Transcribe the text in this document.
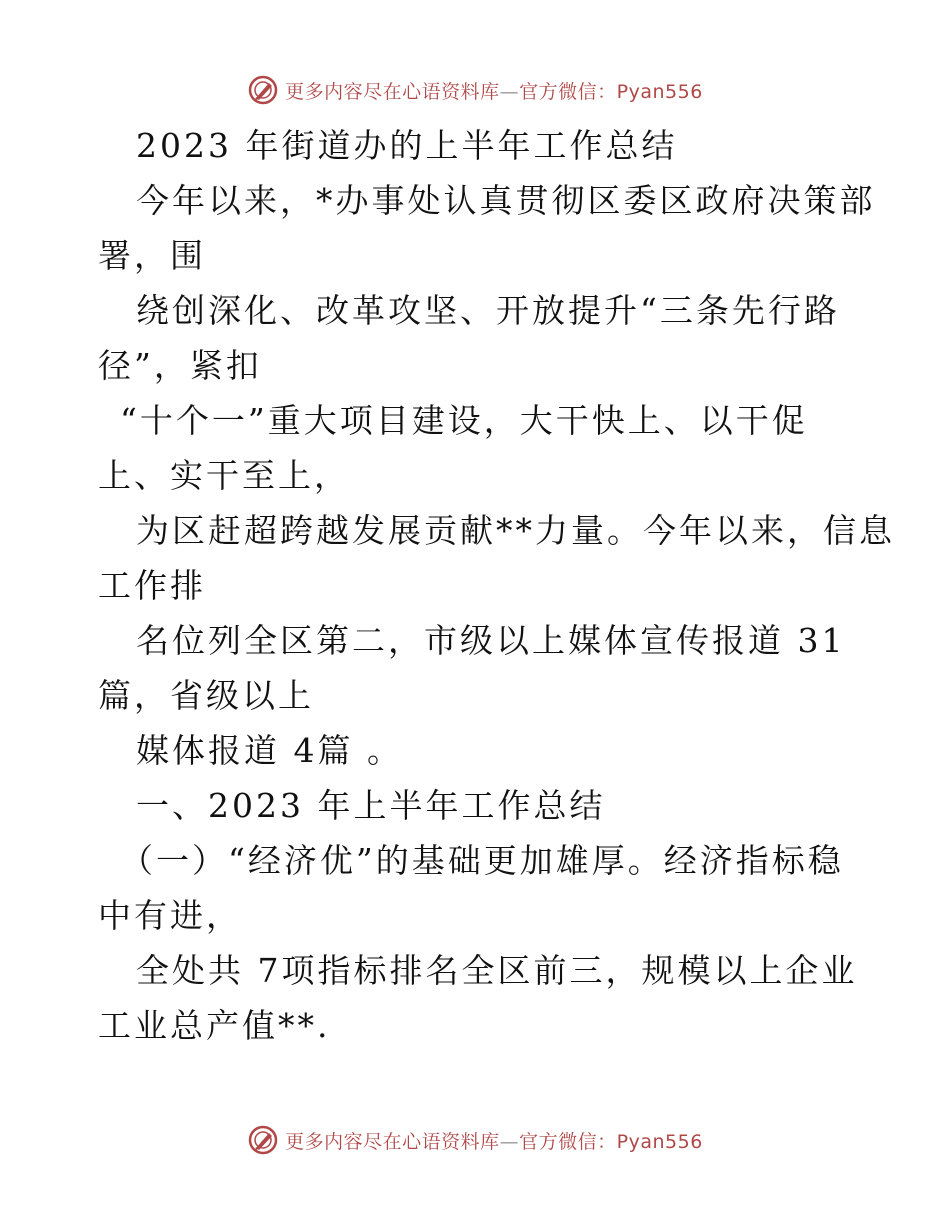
更多内容尽在心语资料库—官方微信：Pyan556
2023 年街道办的上半年工作总结
今年以来，*办事处认真贯彻区委区政府决策部
署，围
绕创深化、改革攻坚、开放提升“三条先行路
径”，紧扣
“十个一”重大项目建设，大干快上、以干促
上、实干至上，
为区赶超跨越发展贡献**力量。今年以来，信息
工作排
名位列全区第二，市级以上媒体宣传报道 31
篇，省级以上
媒体报道 4篇 。
一、2023 年上半年工作总结
（一）“经济优”的基础更加雄厚。经济指标稳
中有进，
全处共 7项指标排名全区前三，规模以上企业
工业总产值**.
更多内容尽在心语资料库—官方微信：Pyan556
